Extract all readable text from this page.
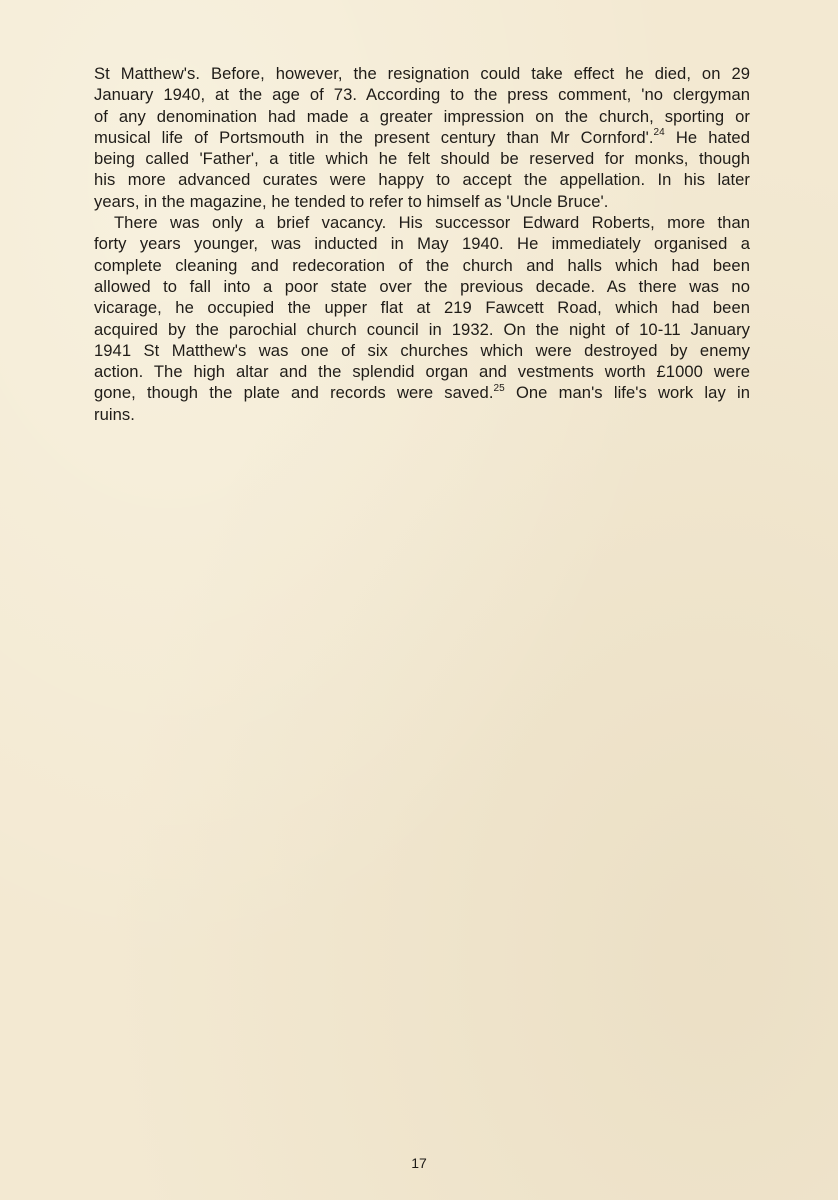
St Matthew's. Before, however, the resignation could take effect he died, on 29
January 1940, at the age of 73. According to the press comment, 'no clergyman
of any denomination had made a greater impression on the church, sporting or
musical life of Portsmouth in the present century than Mr Cornford'.$^{24}$ He hated
being called 'Father', a title which he felt should be reserved for monks, though
his more advanced curates were happy to accept the appellation. In his later
years, in the magazine, he tended to refer to himself as 'Uncle Bruce'.

There was only a brief vacancy. His successor Edward Roberts, more than
forty years younger, was inducted in May 1940. He immediately organised a
complete cleaning and redecoration of the church and halls which had been
allowed to fall into a poor state over the previous decade. As there was no
vicarage, he occupied the upper flat at 219 Fawcett Road, which had been
acquired by the parochial church council in 1932. On the night of 10-11 January
1941 St Matthew's was one of six churches which were destroyed by enemy
action. The high altar and the splendid organ and vestments worth £1000 were
gone, though the plate and records were saved.$^{25}$ One man's life's work lay in
ruins.

17
